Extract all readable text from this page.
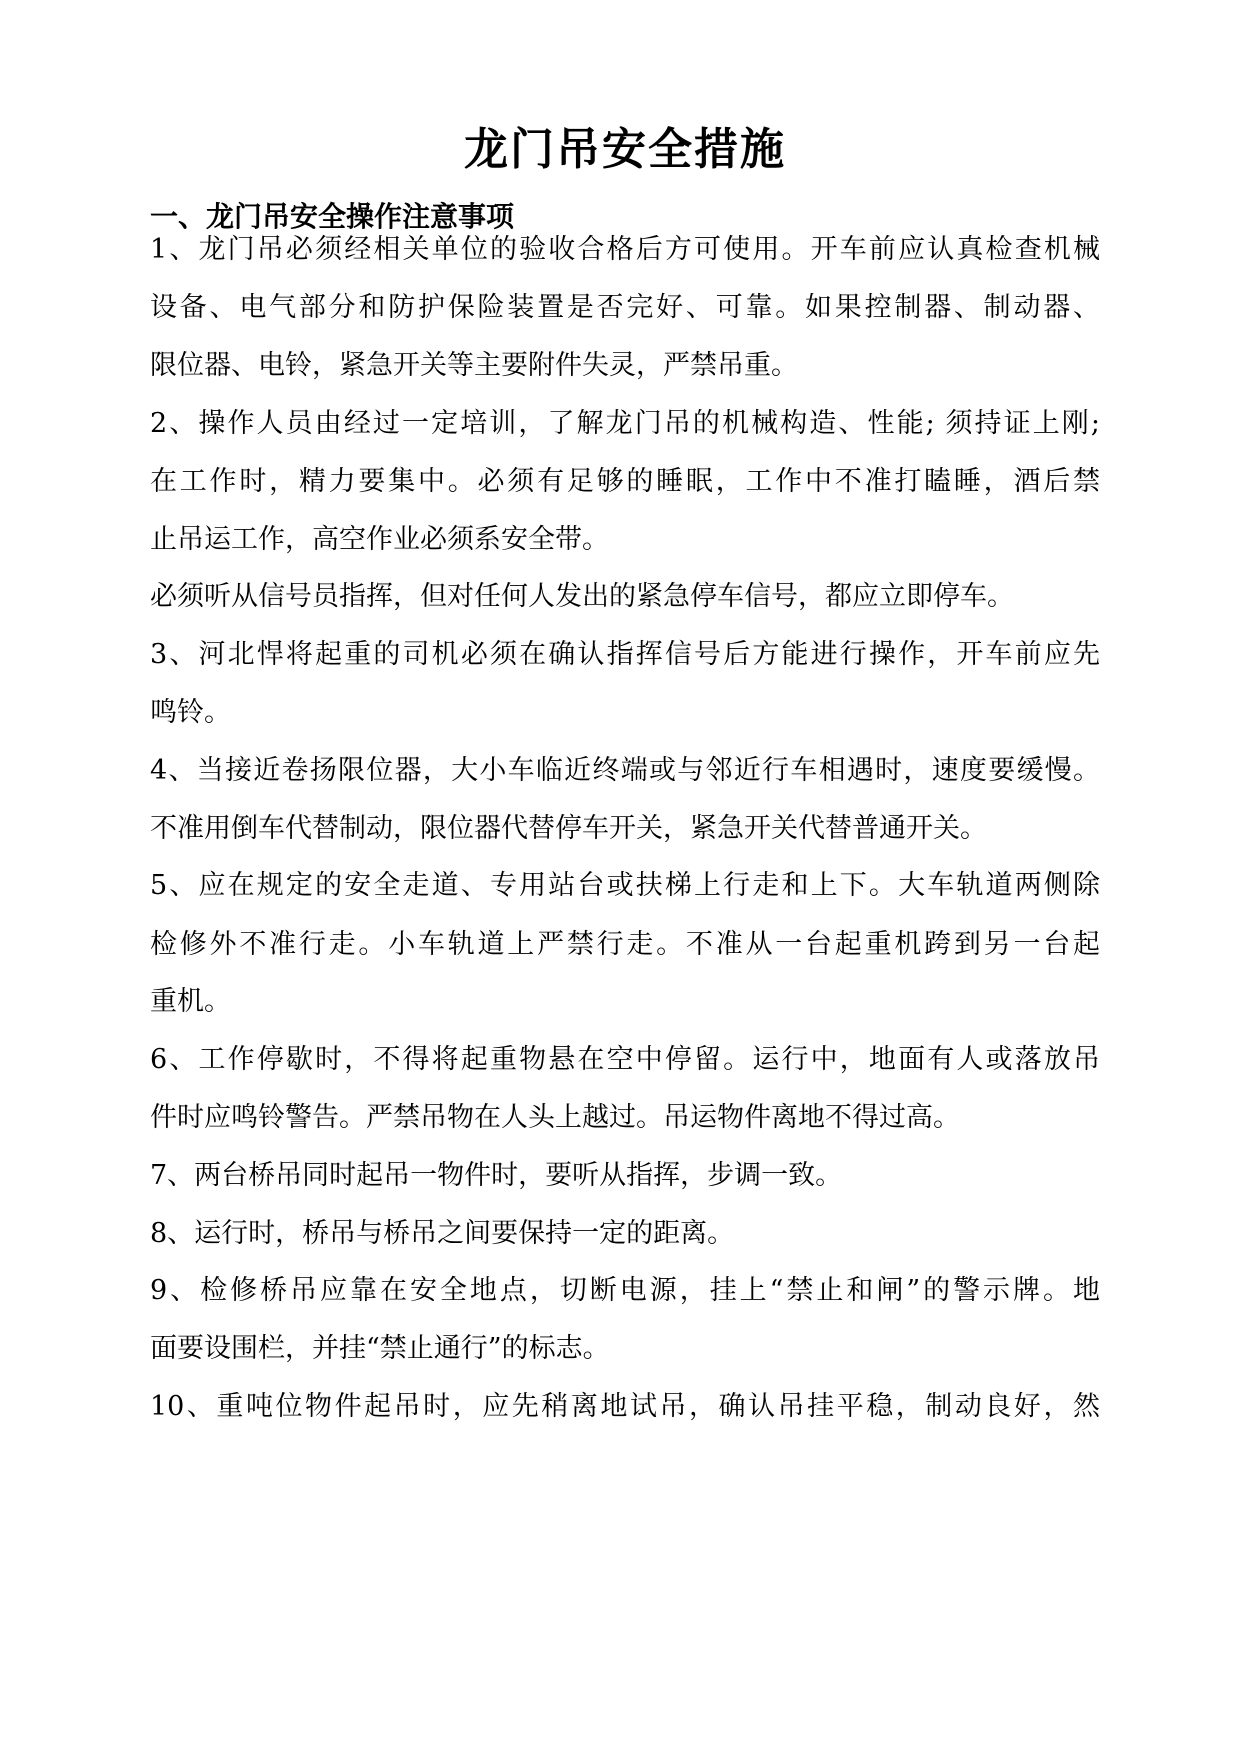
龙门吊安全措施
一、龙门吊安全操作注意事项

1、龙门吊必须经相关单位的验收合格后方可使用。开车前应认真检查机械

设备、电气部分和防护保险装置是否完好、可靠。如果控制器、制动器、

限位器、电铃，紧急开关等主要附件失灵，严禁吊重。

2、操作人员由经过一定培训，了解龙门吊的机械构造、性能; 须持证上刚;

在工作时，精力要集中。必须有足够的睡眠，工作中不准打瞌睡，酒后禁

止吊运工作，高空作业必须系安全带。

必须听从信号员指挥，但对任何人发出的紧急停车信号，都应立即停车。

3、河北悍将起重的司机必须在确认指挥信号后方能进行操作，开车前应先

鸣铃。

4、当接近卷扬限位器，大小车临近终端或与邻近行车相遇时，速度要缓慢。

不准用倒车代替制动，限位器代替停车开关，紧急开关代替普通开关。

5、应在规定的安全走道、专用站台或扶梯上行走和上下。大车轨道两侧除

检修外不准行走。小车轨道上严禁行走。不准从一台起重机跨到另一台起

重机。

6、工作停歇时，不得将起重物悬在空中停留。运行中，地面有人或落放吊

件时应鸣铃警告。严禁吊物在人头上越过。吊运物件离地不得过高。

7、两台桥吊同时起吊一物件时，要听从指挥，步调一致。

8、运行时，桥吊与桥吊之间要保持一定的距离。

9、检修桥吊应靠在安全地点，切断电源，挂上“禁止和闸”的警示牌。地

面要设围栏，并挂“禁止通行”的标志。

10、重吨位物件起吊时，应先稍离地试吊，确认吊挂平稳，制动良好，然
